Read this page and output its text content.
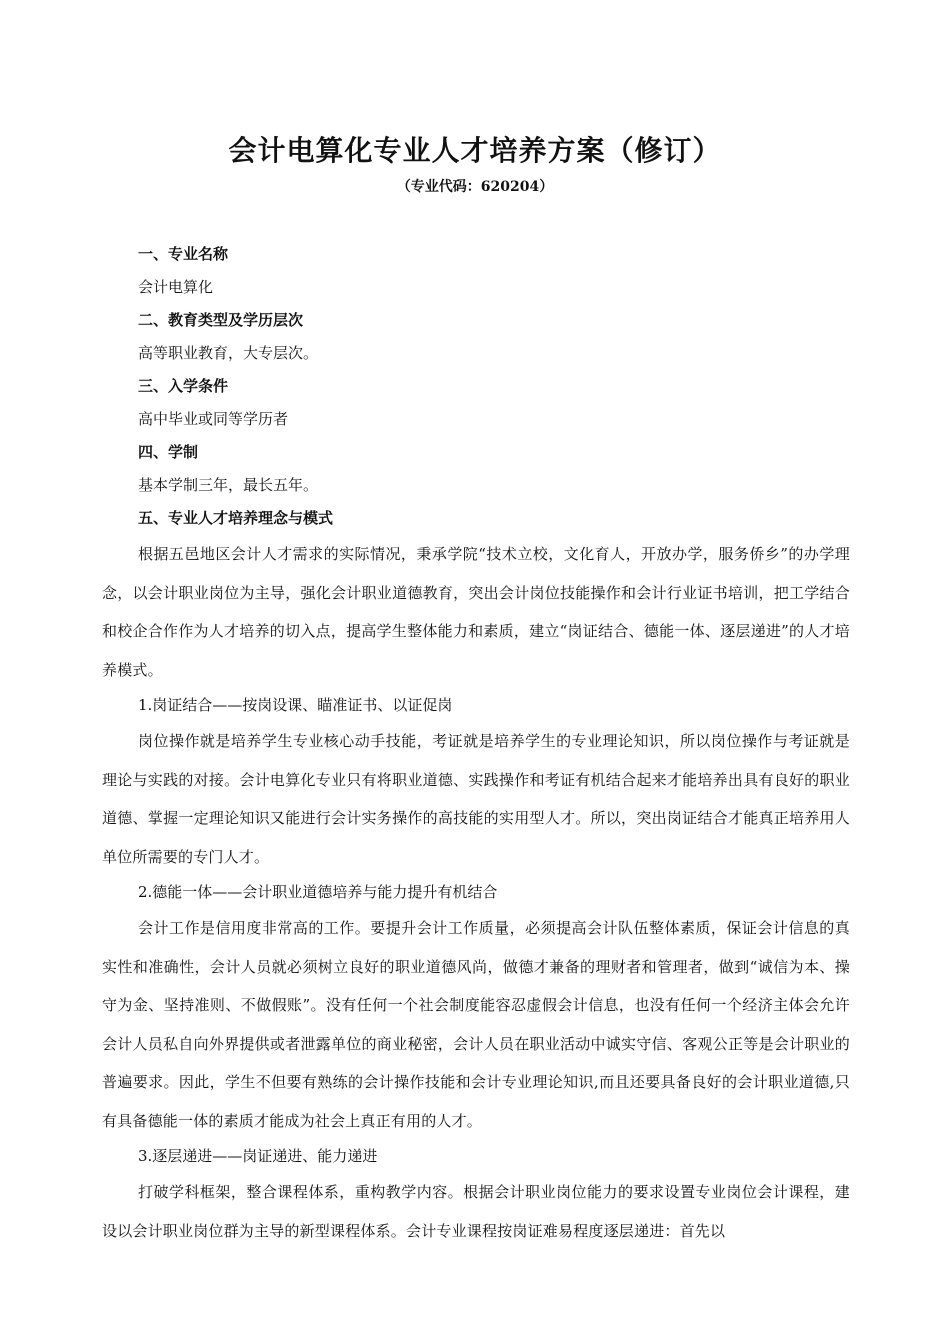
会计电算化专业人才培养方案（修订）
（专业代码：620204）

一、专业名称

会计电算化

二、教育类型及学历层次

高等职业教育，大专层次。

三、入学条件

高中毕业或同等学历者

四、学制

基本学制三年，最长五年。

五、专业人才培养理念与模式

根据五邑地区会计人才需求的实际情况，秉承学院“技术立校，文化育人，开放办学，服务侨乡”的办学理念，以会计职业岗位为主导，强化会计职业道德教育，突出会计岗位技能操作和会计行业证书培训，把工学结合和校企合作作为人才培养的切入点，提高学生整体能力和素质，建立“岗证结合、德能一体、逐层递进”的人才培养模式。

1.岗证结合——按岗设课、瞄准证书、以证促岗

岗位操作就是培养学生专业核心动手技能，考证就是培养学生的专业理论知识，所以岗位操作与考证就是理论与实践的对接。会计电算化专业只有将职业道德、实践操作和考证有机结合起来才能培养出具有良好的职业道德、掌握一定理论知识又能进行会计实务操作的高技能的实用型人才。所以，突出岗证结合才能真正培养用人单位所需要的专门人才。

2.德能一体——会计职业道德培养与能力提升有机结合

会计工作是信用度非常高的工作。要提升会计工作质量，必须提高会计队伍整体素质，保证会计信息的真实性和准确性，会计人员就必须树立良好的职业道德风尚，做德才兼备的理财者和管理者，做到“诚信为本、操守为金、坚持准则、不做假账”。没有任何一个社会制度能容忍虚假会计信息，也没有任何一个经济主体会允许会计人员私自向外界提供或者泄露单位的商业秘密，会计人员在职业活动中诚实守信、客观公正等是会计职业的普遍要求。因此，学生不但要有熟练的会计操作技能和会计专业理论知识,而且还要具备良好的会计职业道德,只有具备德能一体的素质才能成为社会上真正有用的人才。

3.逐层递进——岗证递进、能力递进

打破学科框架，整合课程体系，重构教学内容。根据会计职业岗位能力的要求设置专业岗位会计课程，建设以会计职业岗位群为主导的新型课程体系。会计专业课程按岗证难易程度逐层递进：首先以
